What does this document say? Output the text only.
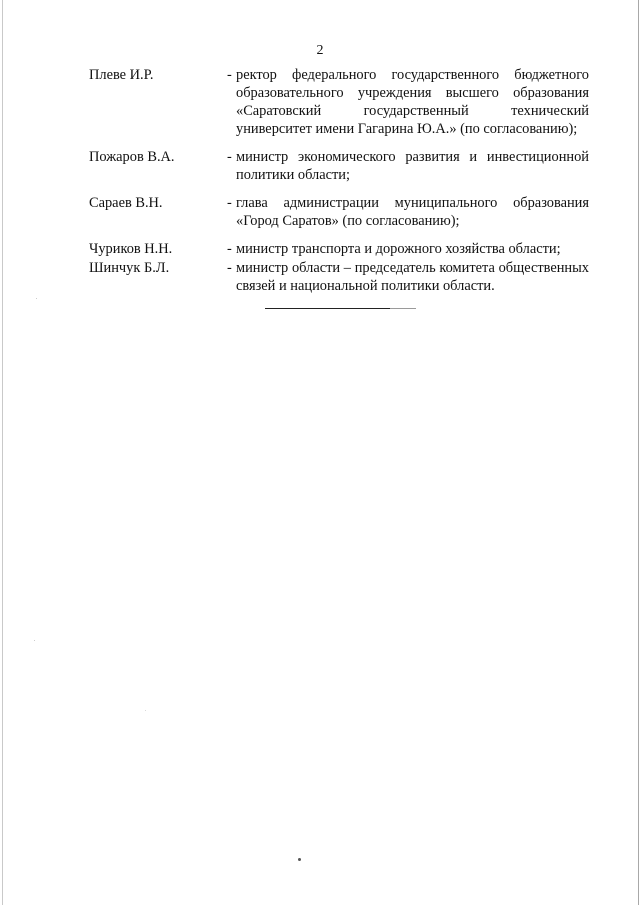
2
Плеве И.Р.	- ректор федерального государственного бюджетного образовательного учреждения высшего образования «Саратовский государственный технический университет имени Гагарина Ю.А.» (по согласованию);
Пожаров В.А.	- министр экономического развития и инвестиционной политики области;
Сараев В.Н.	- глава администрации муниципального образования «Город Саратов» (по согласованию);
Чуриков Н.Н.	- министр транспорта и дорожного хозяйства области;
Шинчук Б.Л.	- министр области – председатель комитета общественных связей и национальной политики области.
